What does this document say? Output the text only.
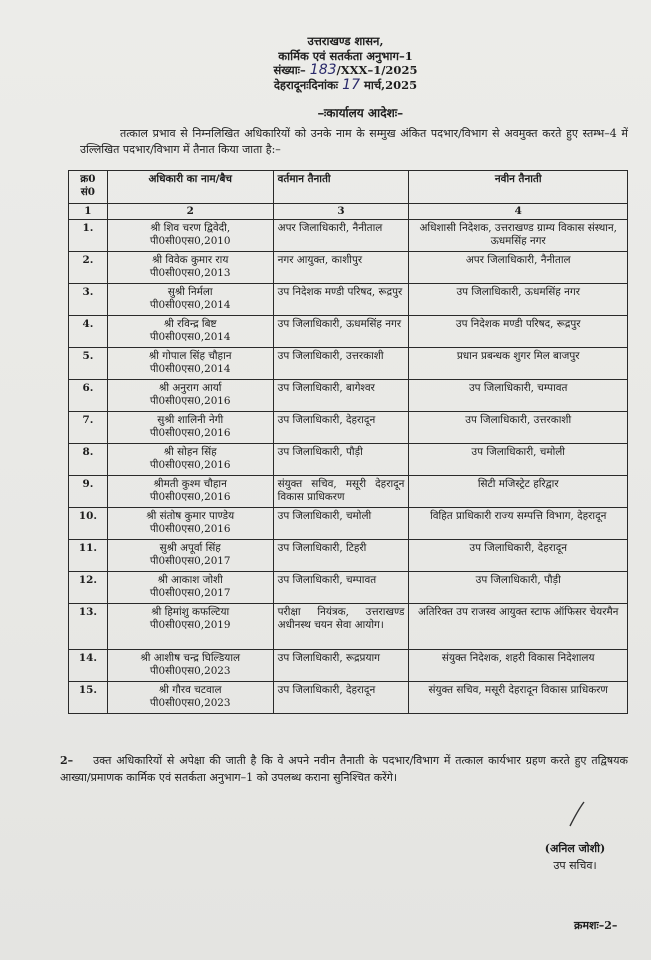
उत्तराखण्ड शासन,
कार्मिक एवं सतर्कता अनुभाग–1
संख्याः– 183/XXX–1/2025
देहरादूनःदिनांकः 17 मार्च,2025
–ःकार्यालय आदेशः–

तत्काल प्रभाव से निम्नलिखित अधिकारियों को उनके नाम के सम्मुख अंकित पदभार/विभाग से अवमुक्त करते हुए स्तम्भ–4 में उल्लिखित पदभार/विभाग में तैनात किया जाता है:–

क्र0 सं0	अधिकारी का नाम/बैच	वर्तमान तैनाती	नवीन तैनाती
1	2	3	4
1.	श्री शिव चरण द्विवेदी,
पी0सी0एस0,2010	अपर जिलाधिकारी, नैनीताल	अधिशासी निदेशक, उत्तराखण्ड ग्राम्य विकास संस्थान, ऊधमसिंह नगर
2.	श्री विवेक कुमार राय
पी0सी0एस0,2013	नगर आयुक्त, काशीपुर	अपर जिलाधिकारी, नैनीताल
3.	सुश्री निर्मला
पी0सी0एस0,2014	उप निदेशक मण्डी परिषद, रूद्रपुर	उप जिलाधिकारी, ऊधमसिंह नगर
4.	श्री रविन्द्र बिष्ट
पी0सी0एस0,2014	उप जिलाधिकारी, ऊधमसिंह नगर	उप निदेशक मण्डी परिषद, रूद्रपुर
5.	श्री गोपाल सिंह चौहान
पी0सी0एस0,2014	उप जिलाधिकारी, उत्तरकाशी	प्रधान प्रबन्धक शुगर मिल बाजपुर
6.	श्री अनुराग आर्या
पी0सी0एस0,2016	उप जिलाधिकारी, बागेश्वर	उप जिलाधिकारी, चम्पावत
7.	सुश्री शालिनी नेगी
पी0सी0एस0,2016	उप जिलाधिकारी, देहरादून	उप जिलाधिकारी, उत्तरकाशी
8.	श्री सोहन सिंह
पी0सी0एस0,2016	उप जिलाधिकारी, पौड़ी	उप जिलाधिकारी, चमोली
9.	श्रीमती कुश्म चौहान
पी0सी0एस0,2016	संयुक्त सचिव, मसूरी देहरादून विकास प्राधिकरण	सिटी मजिस्ट्रेट हरिद्वार
10.	श्री संतोष कुमार पाण्डेय
पी0सी0एस0,2016	उप जिलाधिकारी, चमोली	विहित प्राधिकारी राज्य सम्पत्ति विभाग, देहरादून
11.	सुश्री अपूर्वा सिंह
पी0सी0एस0,2017	उप जिलाधिकारी, टिहरी	उप जिलाधिकारी, देहरादून
12.	श्री आकाश जोशी
पी0सी0एस0,2017	उप जिलाधिकारी, चम्पावत	उप जिलाधिकारी, पौड़ी
13.	श्री हिमांशु कफल्टिया
पी0सी0एस0,2019	परीक्षा नियंत्रक, उत्तराखण्ड अधीनस्थ चयन सेवा आयोग।	अतिरिक्त उप राजस्व आयुक्त स्टाफ ऑफिसर चेयरमैन
14.	श्री आशीष चन्द्र घिल्डियाल
पी0सी0एस0,2023	उप जिलाधिकारी, रूद्रप्रयाग	संयुक्त निदेशक, शहरी विकास निदेशालय
15.	श्री गौरव चटवाल
पी0सी0एस0,2023	उप जिलाधिकारी, देहरादून	संयुक्त सचिव, मसूरी देहरादून विकास प्राधिकरण
2– उक्त अधिकारियों से अपेक्षा की जाती है कि वे अपने नवीन तैनाती के पदभार/विभाग में तत्काल कार्यभार ग्रहण करते हुए तद्विषयक आख्या/प्रमाणक कार्मिक एवं सतर्कता अनुभाग–1 को उपलब्ध कराना सुनिश्चित करेंगे।
(अनिल जोशी)
उप सचिव।
क्रमशः–2–
